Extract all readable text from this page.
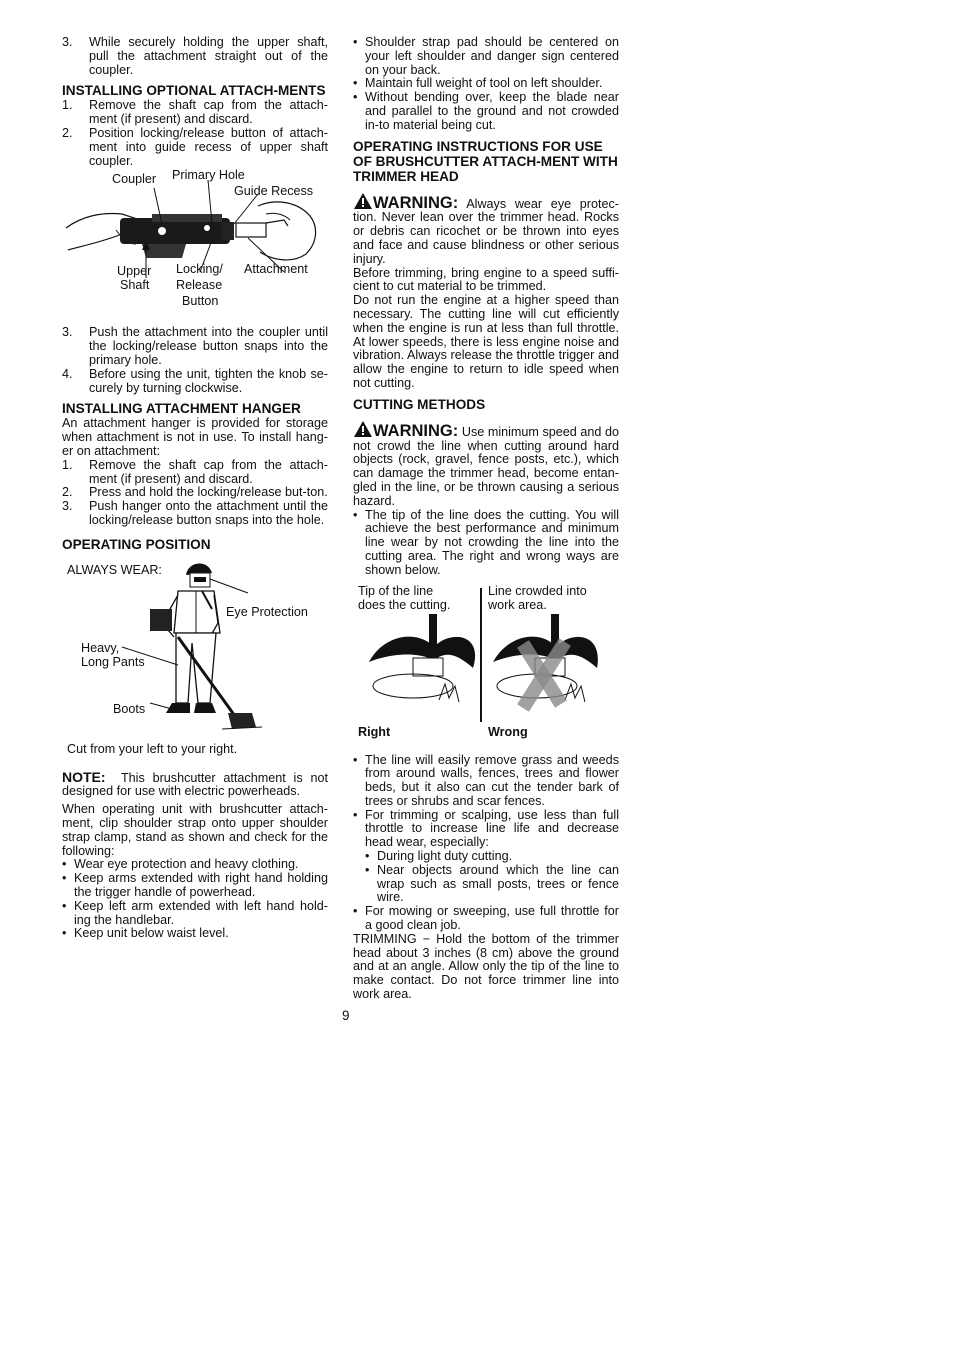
3.	While securely holding the upper shaft, pull the attachment straight out of the coupler.
INSTALLING OPTIONAL ATTACH-MENTS
1.	Remove the shaft cap from the attach-ment (if present) and discard.
2.	Position locking/release button of attach-ment into guide recess of upper shaft coupler.
Coupler Primary Hole
Guide Recess
Upper
Shaft
Locking/
Release
Button
Attachment
3.	Push the attachment into the coupler until the locking/release button snaps into the primary hole.
4.	Before using the unit, tighten the knob se-curely by turning clockwise.
INSTALLING ATTACHMENT HANGER

An attachment hanger is provided for storage when attachment is not in use. To install hang-er on attachment:

1.	Remove the shaft cap from the attach-ment (if present) and discard.
2.	Press and hold the locking/release but-ton.
3.	Push hanger onto the attachment until the locking/release button snaps into the hole.
OPERATING POSITION
ALWAYS WEAR:
Eye Protection
Heavy,
Long Pants
Boots

Cut from your left to your right.

NOTE: This brushcutter attachment is not designed for use with electric powerheads.

When operating unit with brushcutter attach-ment, clip shoulder strap onto upper shoulder strap clamp, stand as shown and check for the following:

• Wear eye protection and heavy clothing.
• Keep arms extended with right hand holding the trigger handle of powerhead.
• Keep left arm extended with left hand hold-ing the handlebar.
• Keep unit below waist level.
• Shoulder strap pad should be centered on your left shoulder and danger sign centered on your back.
• Maintain full weight of tool on left shoulder.
• Without bending over, keep the blade near and parallel to the ground and not crowded in-to material being cut.
OPERATING INSTRUCTIONS FOR USE OF BRUSHCUTTER ATTACH-MENT WITH TRIMMER HEAD

WARNING: Always wear eye protec-tion. Never lean over the trimmer head. Rocks or debris can ricochet or be thrown into eyes and face and cause blindness or other serious injury.

Before trimming, bring engine to a speed suffi-cient to cut material to be trimmed.

Do not run the engine at a higher speed than necessary. The cutting line will cut efficiently when the engine is run at less than full throttle. At lower speeds, there is less engine noise and vibration. Always release the throttle trigger and allow the engine to return to idle speed when not cutting.

CUTTING METHODS

WARNING: Use minimum speed and do not crowd the line when cutting around hard objects (rock, gravel, fence posts, etc.), which can damage the trimmer head, become entan-gled in the line, or be thrown causing a serious hazard.

• The tip of the line does the cutting. You will achieve the best performance and minimum line wear by not crowding the line into the cutting area. The right and wrong ways are shown below.
Tip of the line
does the cutting.
Line crowded into
work area.
Right	Wrong
• The line will easily remove grass and weeds from around walls, fences, trees and flower beds, but it also can cut the tender bark of trees or shrubs and scar fences.
• For trimming or scalping, use less than full throttle to increase line life and decrease head wear, especially:
• During light duty cutting.
• Near objects around which the line can wrap such as small posts, trees or fence wire.
• For mowing or sweeping, use full throttle for a good clean job.

TRIMMING − Hold the bottom of the trimmer head about 3 inches (8 cm) above the ground and at an angle. Allow only the tip of the line to make contact. Do not force trimmer line into work area.

9
